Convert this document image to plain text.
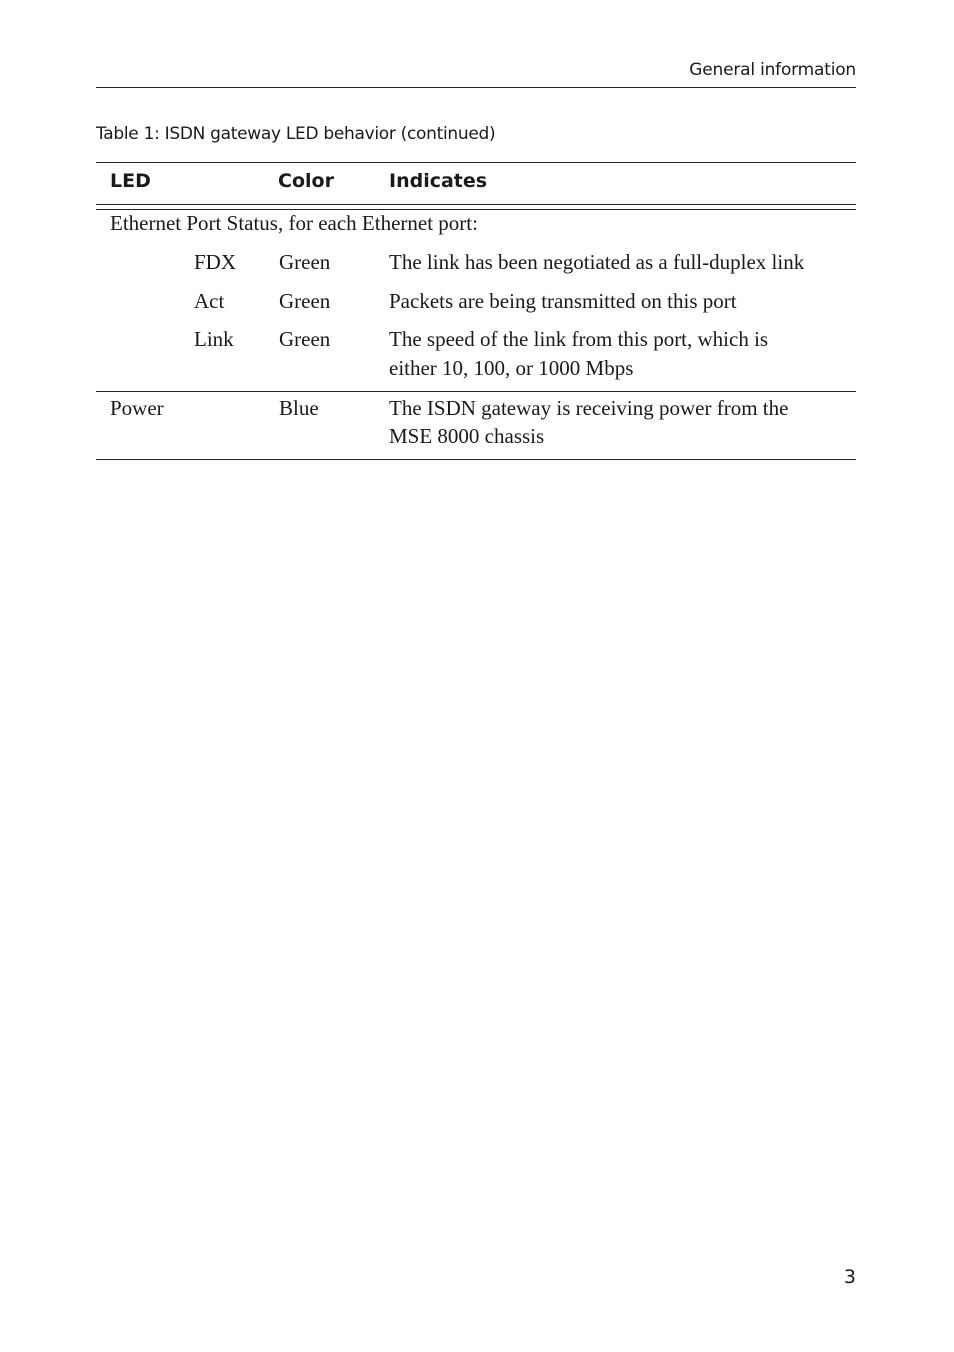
General information
Table 1: ISDN gateway LED behavior (continued)
LED	Color	Indicates
Ethernet Port Status, for each Ethernet port:
FDX Green	The link has been negotiated as a full-duplex link
Act	Green	Packets are being transmitted on this port
Link Green	The speed of the link from this port, which is
either 10, 100, or 1000 Mbps
Power	Blue	The ISDN gateway is receiving power from the
MSE 8000 chassis
3
